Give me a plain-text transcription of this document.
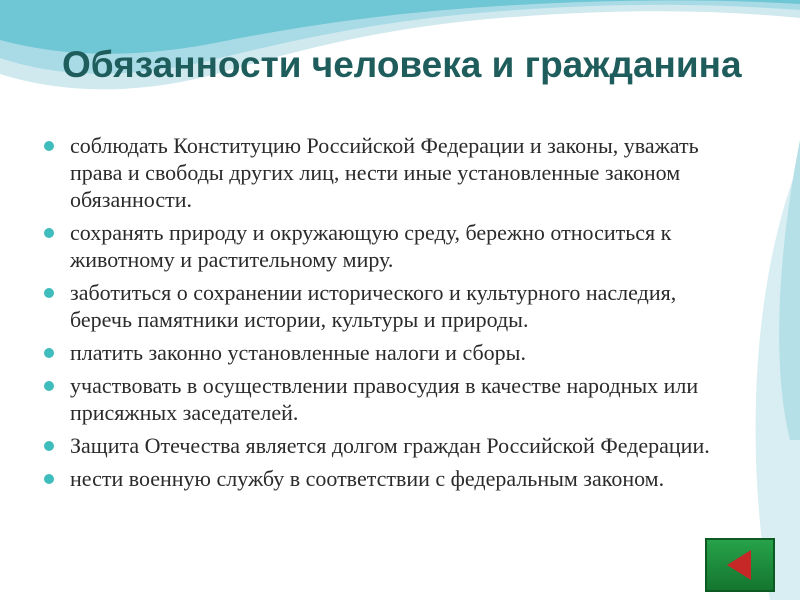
Обязанности человека и гражданина
соблюдать Конституцию Российской Федерации и законы, уважать права и свободы других лиц, нести иные установленные законом обязанности.
сохранять природу и окружающую среду, бережно относиться к животному и растительному миру.
заботиться о сохранении исторического и культурного наследия, беречь памятники истории, культуры и природы.
платить законно установленные налоги и сборы.
участвовать в осуществлении правосудия в качестве народных или присяжных заседателей.
Защита Отечества является долгом граждан Российской Федерации.
нести военную службу в соответствии с федеральным законом.
